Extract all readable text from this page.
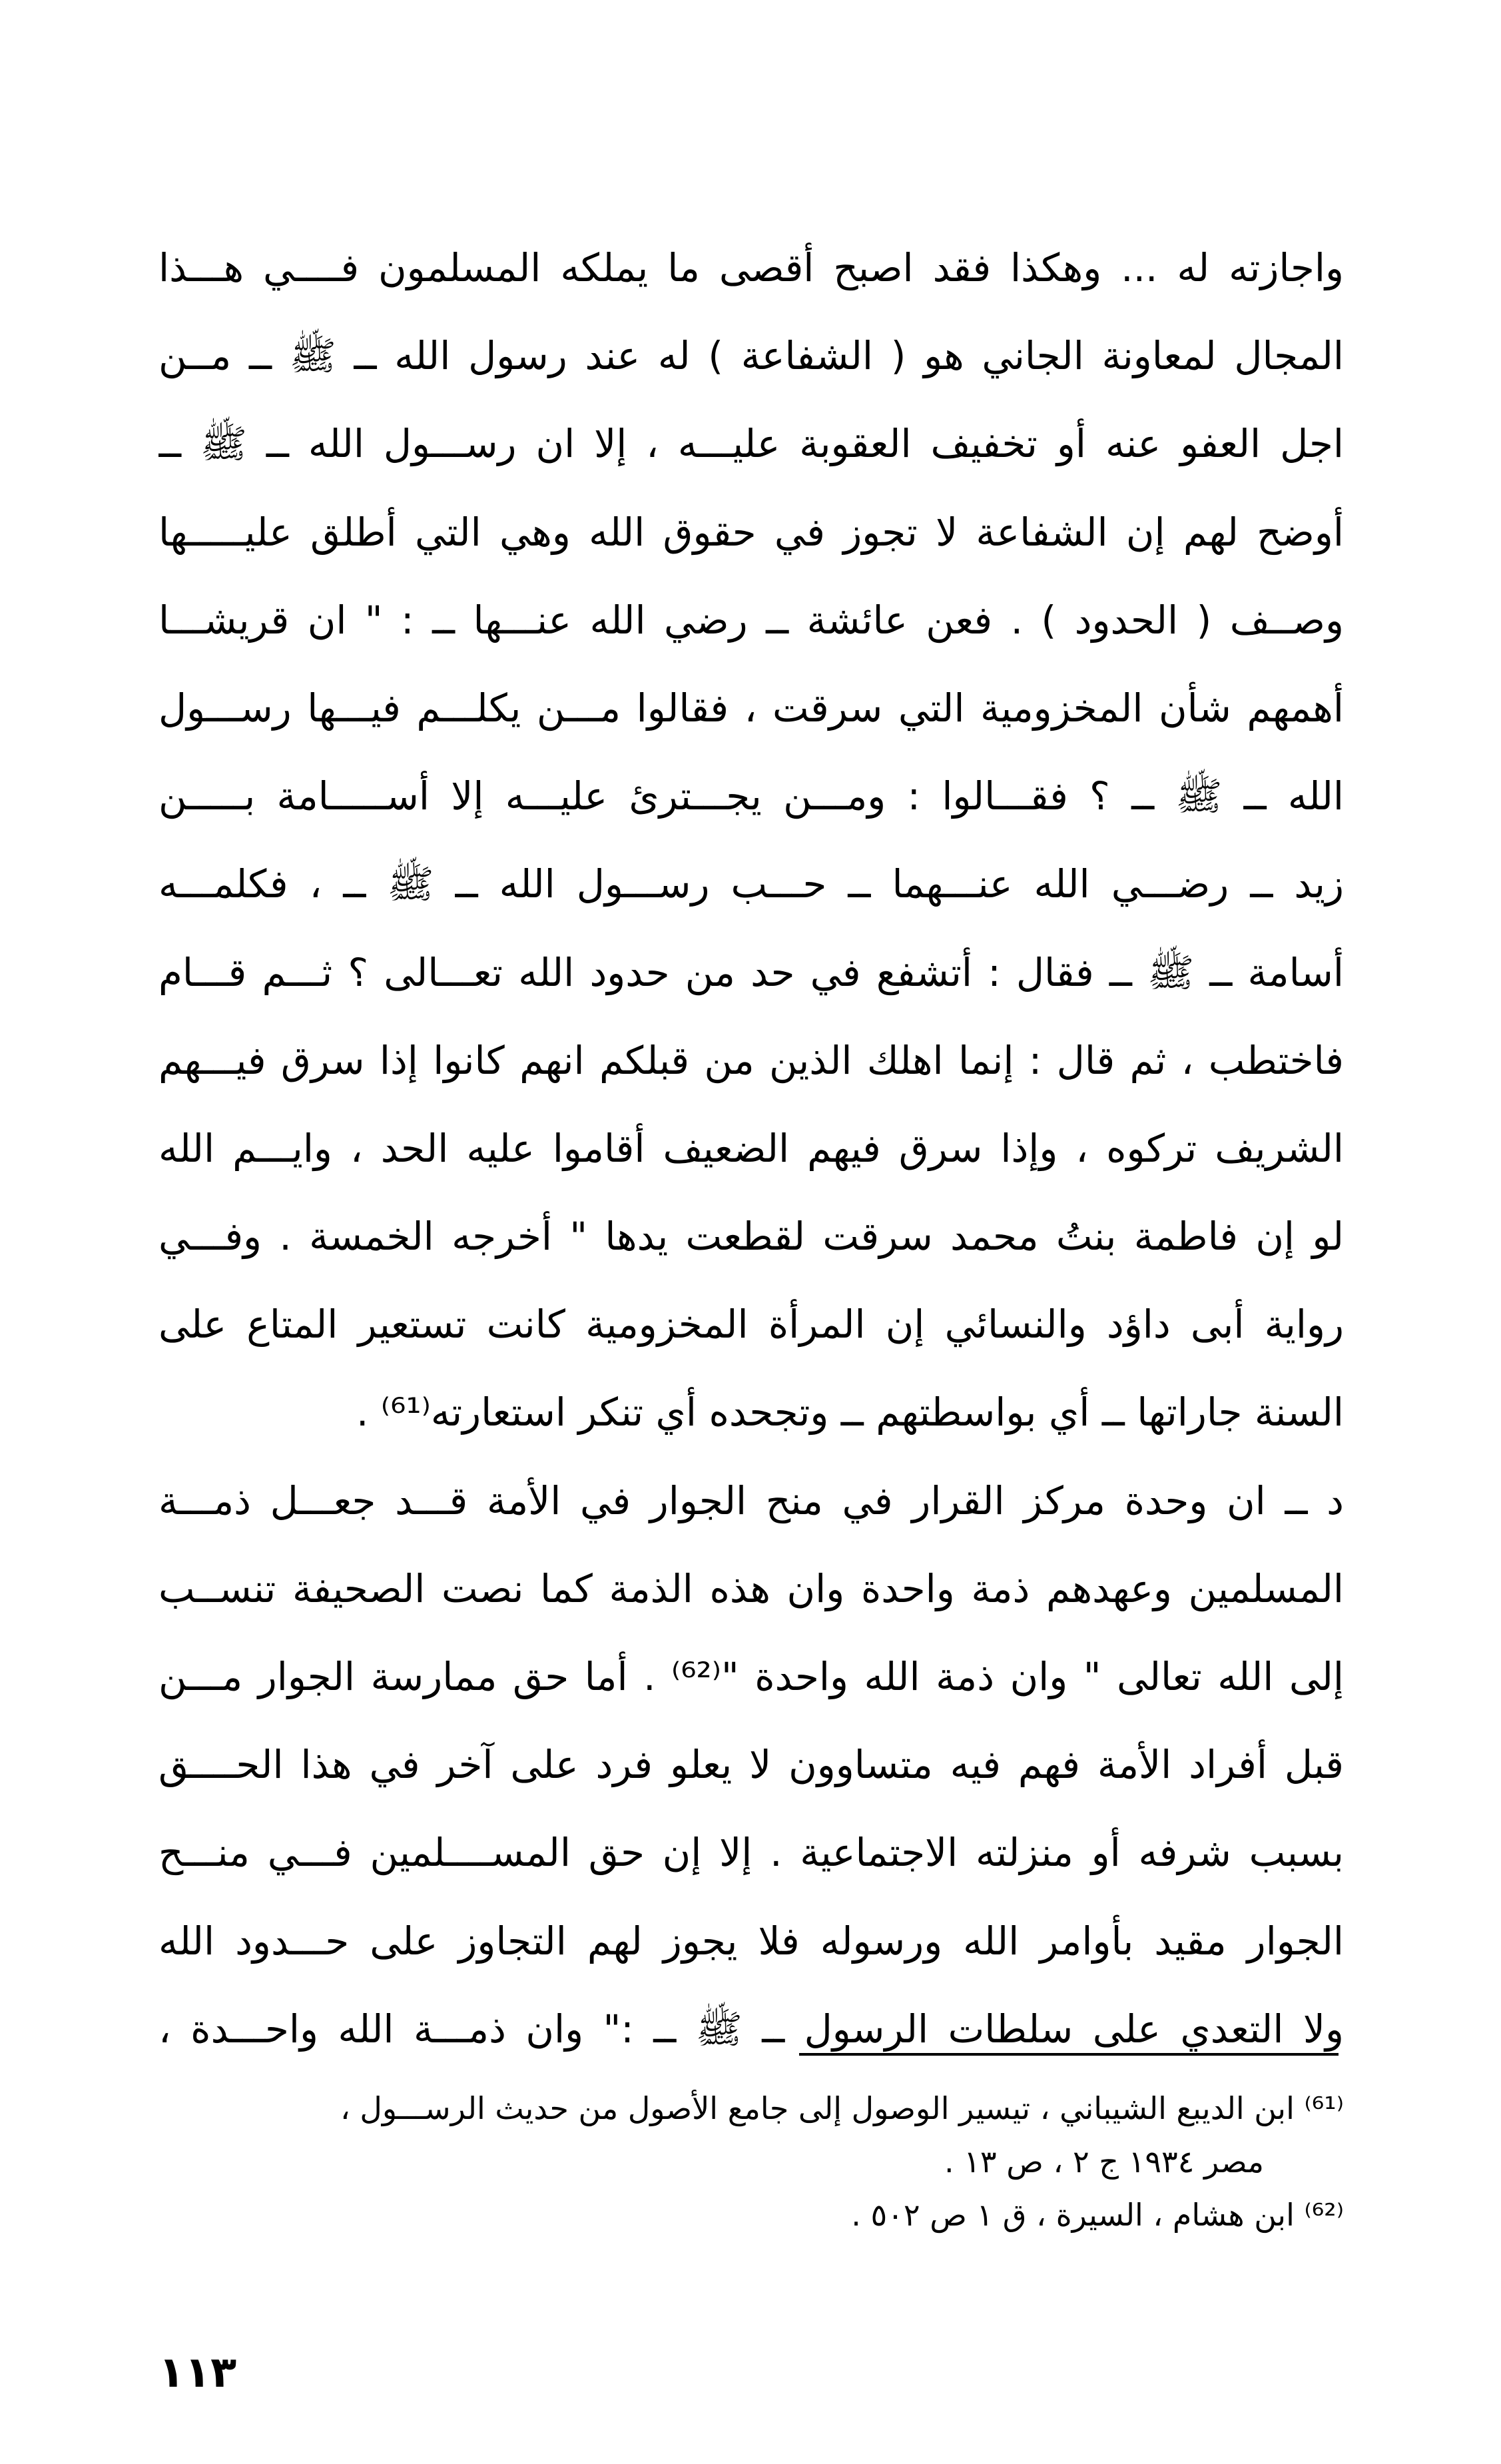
واجازته له ... وهكذا فقد اصبح أقصى ما يملكه المسلمون فــــي هـــذا
المجال لمعاونة الجاني هو ( الشفاعة ) له عند رسول الله ــ ﷺ ــ مــن
اجل العفو عنه أو تخفيف العقوبة عليـــه ، إلا ان رســـول الله ــ ﷺ ــ
أوضح لهم إن الشفاعة لا تجوز في حقوق الله وهي التي أطلق عليـــــها
وصــف ( الحدود ) . فعن عائشة ــ رضي الله عنـــها ــ : " ان قريشـــا
أهمهم شأن المخزومية التي سرقت ، فقالوا مـــن يكلـــم فيـــها رســـول
الله ــ ﷺ ــ ؟ فقـــالوا : ومـــن يجـــترئ عليـــه إلا أســـــامة بـــــن
زيد ــ رضـــي الله عنـــهما ــ حـــب رســـول الله ــ ﷺ ــ ، فكلمـــه
أسامة ــ ﷺ ــ فقال : أتشفع في حد من حدود الله تعـــالى ؟ ثـــم قـــام
فاختطب ، ثم قال : إنما اهلك الذين من قبلكم انهم كانوا إذا سرق فيـــهم
الشريف تركوه ، وإذا سرق فيهم الضعيف أقاموا عليه الحد ، وايـــم الله
لو إن فاطمة بنتُ محمد سرقت لقطعت يدها " أخرجه الخمسة . وفـــي
رواية أبى داؤد والنسائي إن المرأة المخزومية كانت تستعير المتاع على
السنة جاراتها ــ أي بواسطتهم ــ وتجحده أي تنكر استعارته⁽⁶¹⁾ .
د ــ ان وحدة مركز القرار في منح الجوار في الأمة قـــد جعـــل ذمـــة
المسلمين وعهدهم ذمة واحدة وان هذه الذمة كما نصت الصحيفة تنســب
إلى الله تعالى " وان ذمة الله واحدة "⁽⁶²⁾ . أما حق ممارسة الجوار مـــن
قبل أفراد الأمة فهم فيه متساوون لا يعلو فرد على آخر في هذا الحــــق
بسبب شرفه أو منزلته الاجتماعية . إلا إن حق المســــلمين فـــي منـــح
الجوار مقيد بأوامر الله ورسوله فلا يجوز لهم التجاوز على حـــدود الله
ولا التعدي على سلطات الرسول ــ ﷺ ــ :" وان ذمـــة الله واحـــدة ،
⁽⁶¹⁾ ابن الديبع الشيباني ، تيسير الوصول إلى جامع الأصول من حديث الرســـول ،
مصر ١٩٣٤ ج ٢ ، ص ١٣ .
⁽⁶²⁾ ابن هشام ، السيرة ، ق ١ ص ٥٠٢ .
١١٣
